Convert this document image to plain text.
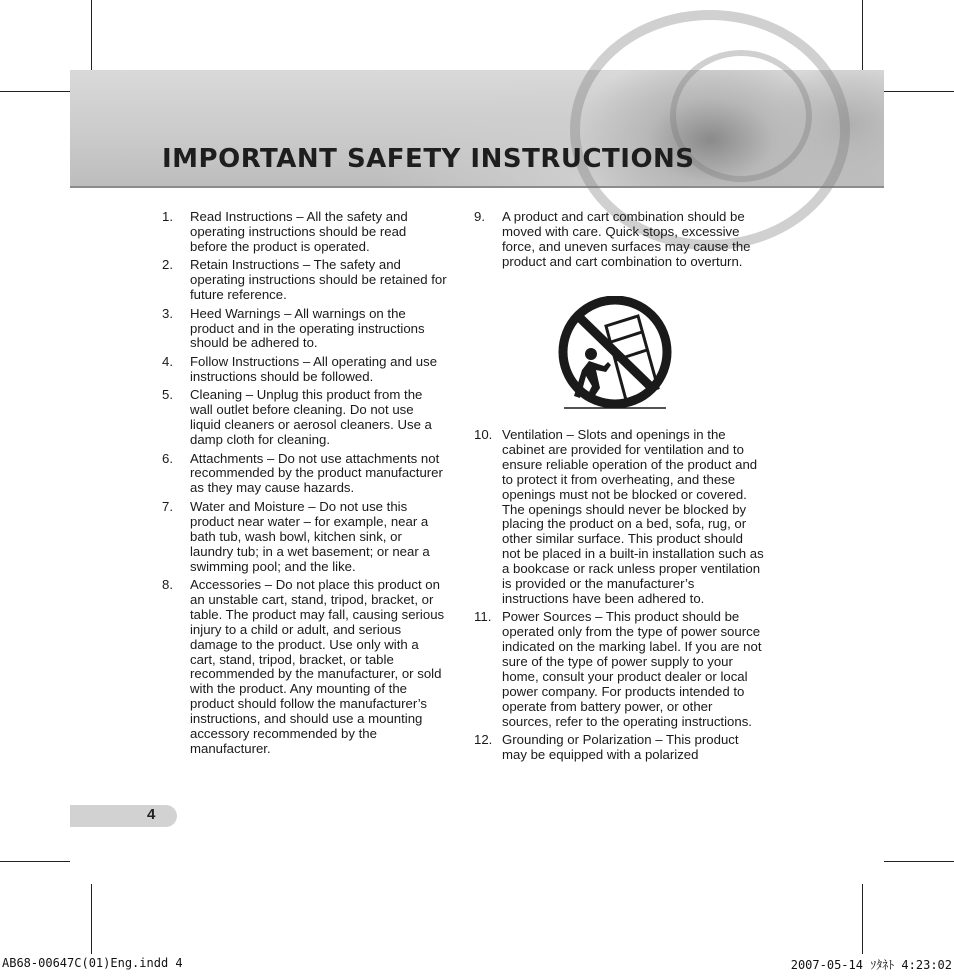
IMPORTANT SAFETY INSTRUCTIONS
1. Read Instructions – All the safety and operating instructions should be read before the product is operated.
2. Retain Instructions – The safety and operating instructions should be retained for future reference.
3. Heed Warnings – All warnings on the product and in the operating instructions should be adhered to.
4. Follow Instructions – All operating and use instructions should be followed.
5. Cleaning – Unplug this product from the wall outlet before cleaning. Do not use liquid cleaners or aerosol cleaners. Use a damp cloth for cleaning.
6. Attachments – Do not use attachments not recommended by the product manufacturer as they may cause hazards.
7. Water and Moisture – Do not use this product near water – for example, near a bath tub, wash bowl, kitchen sink, or laundry tub; in a wet basement; or near a swimming pool; and the like.
8. Accessories – Do not place this product on an unstable cart, stand, tripod, bracket, or table. The product may fall, causing serious injury to a child or adult, and serious damage to the product. Use only with a cart, stand, tripod, bracket, or table recommended by the manufacturer, or sold with the product. Any mounting of the product should follow the manufacturer’s instructions, and should use a mounting accessory recommended by the manufacturer.
9. A product and cart combination should be moved with care. Quick stops, excessive force, and uneven surfaces may cause the product and cart combination to overturn.
10. Ventilation – Slots and openings in the cabinet are provided for ventilation and to ensure reliable operation of the product and to protect it from overheating, and these openings must not be blocked or covered. The openings should never be blocked by placing the product on a bed, sofa, rug, or other similar surface. This product should not be placed in a built-in installation such as a bookcase or rack unless proper ventilation is provided or the manufacturer’s instructions have been adhered to.
11. Power Sources – This product should be operated only from the type of power source indicated on the marking label. If you are not sure of the type of power supply to your home, consult your product dealer or local power company. For products intended to operate from battery power, or other sources, refer to the operating instructions.
12. Grounding or Polarization – This product may be equipped with a polarized
4
AB68-00647C(01)Eng.indd 4	2007-05-14 ｿﾀﾈﾄ 4:23:02
